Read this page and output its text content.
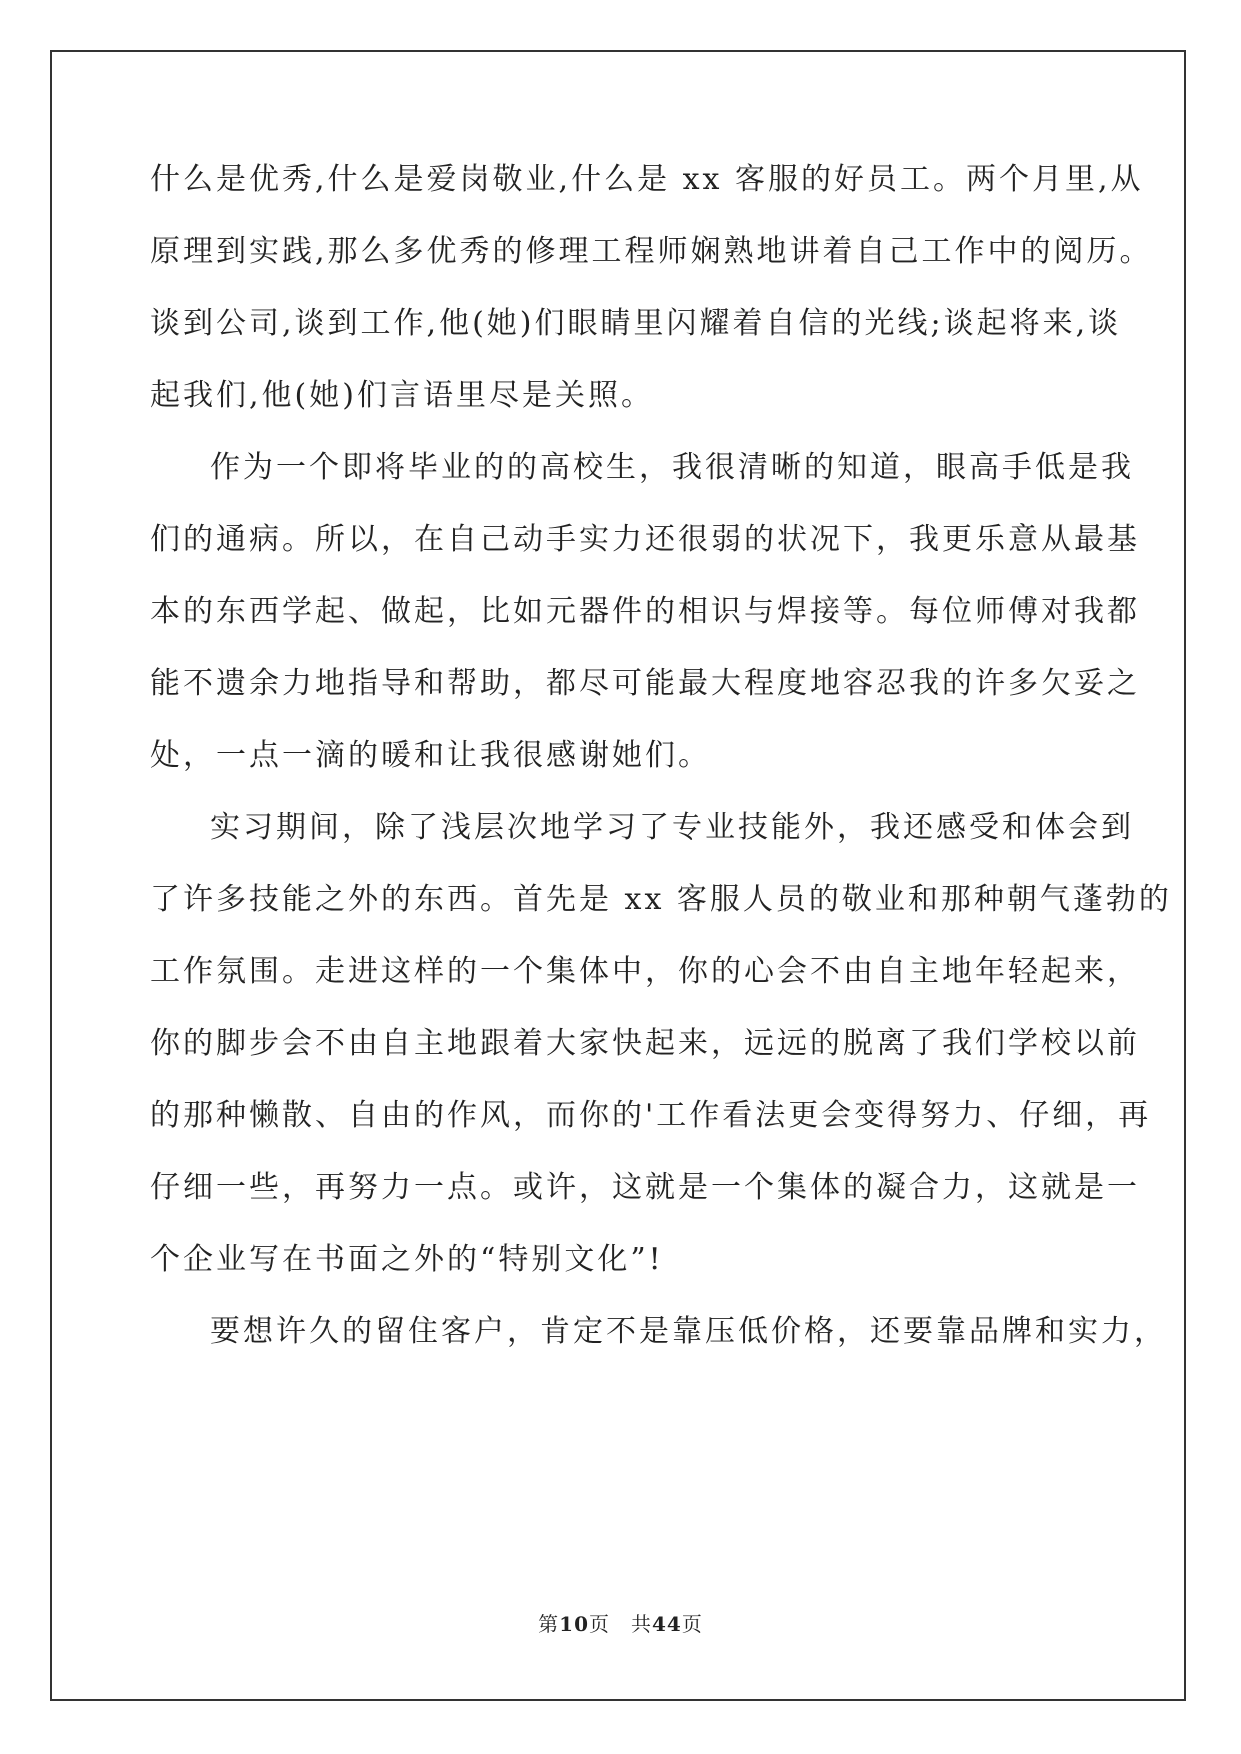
什么是优秀,什么是爱岗敬业,什么是 xx 客服的好员工。两个月里,从
原理到实践,那么多优秀的修理工程师娴熟地讲着自己工作中的阅历。
谈到公司,谈到工作,他(她)们眼睛里闪耀着自信的光线;谈起将来,谈
起我们,他(她)们言语里尽是关照。
作为一个即将毕业的的高校生，我很清晰的知道，眼高手低是我
们的通病。所以，在自己动手实力还很弱的状况下，我更乐意从最基
本的东西学起、做起，比如元器件的相识与焊接等。每位师傅对我都
能不遗余力地指导和帮助，都尽可能最大程度地容忍我的许多欠妥之
处，一点一滴的暖和让我很感谢她们。
实习期间，除了浅层次地学习了专业技能外，我还感受和体会到
了许多技能之外的东西。首先是 xx 客服人员的敬业和那种朝气蓬勃的
工作氛围。走进这样的一个集体中，你的心会不由自主地年轻起来，
你的脚步会不由自主地跟着大家快起来，远远的脱离了我们学校以前
的那种懒散、自由的作风，而你的'工作看法更会变得努力、仔细，再
仔细一些，再努力一点。或许，这就是一个集体的凝合力，这就是一
个企业写在书面之外的“特别文化”!
要想许久的留住客户，肯定不是靠压低价格，还要靠品牌和实力，
第10页　共44页
